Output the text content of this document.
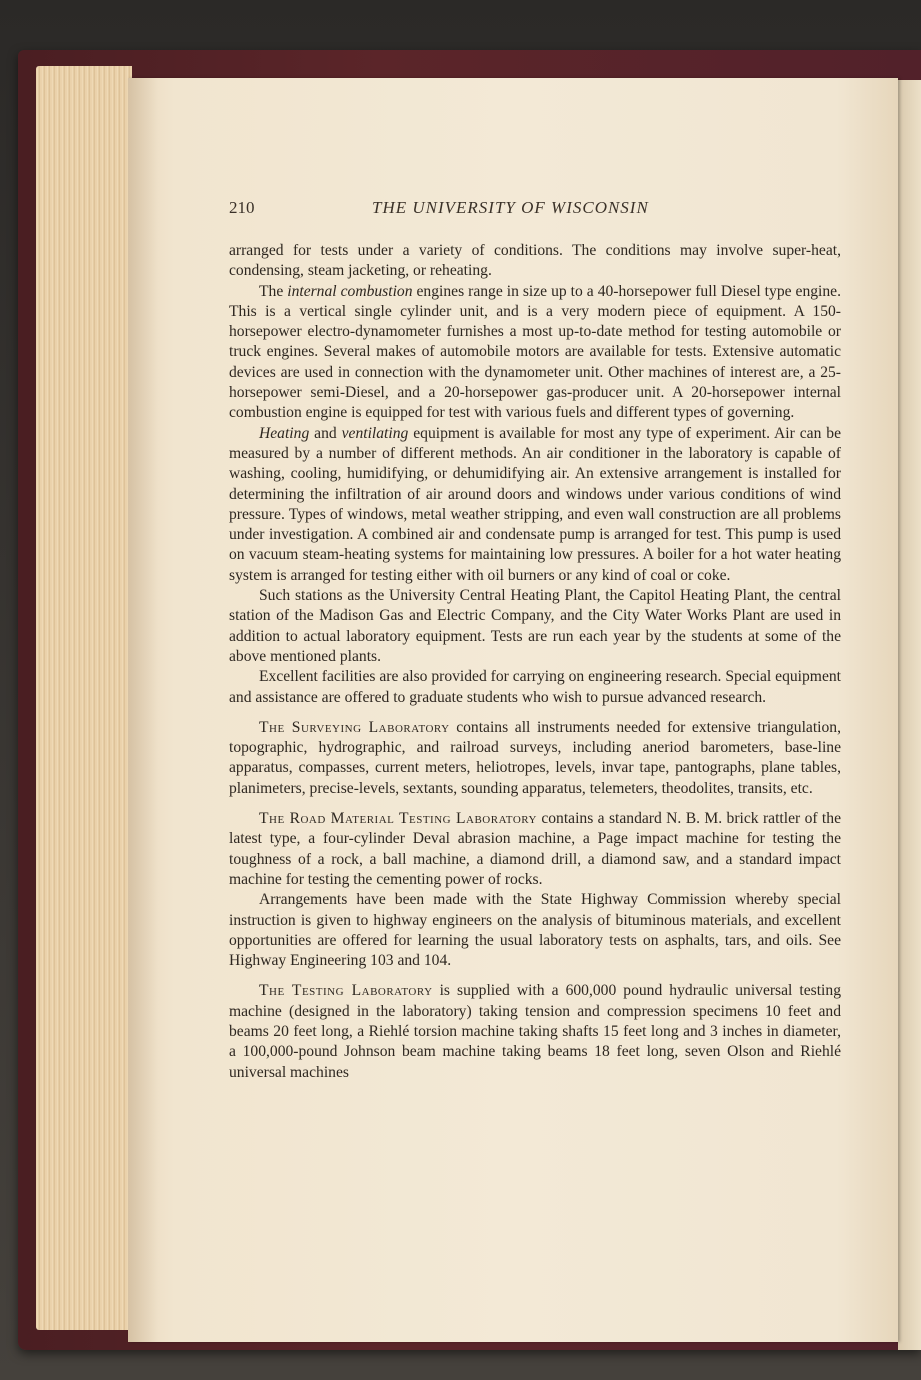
210	THE UNIVERSITY OF WISCONSIN

arranged for tests under a variety of conditions. The conditions may involve super-heat, condensing, steam jacketing, or reheating.

The internal combustion engines range in size up to a 40-horsepower full Diesel type engine. This is a vertical single cylinder unit, and is a very modern piece of equipment. A 150-horsepower electro-dynamometer furnishes a most up-to-date method for testing automobile or truck engines. Several makes of automobile motors are available for tests. Extensive automatic devices are used in connection with the dynamometer unit. Other machines of interest are, a 25-horsepower semi-Diesel, and a 20-horsepower gas-producer unit. A 20-horsepower internal combustion engine is equipped for test with various fuels and different types of governing.

Heating and ventilating equipment is available for most any type of experiment. Air can be measured by a number of different methods. An air conditioner in the laboratory is capable of washing, cooling, humidifying, or dehumidifying air. An extensive arrangement is installed for determining the infiltration of air around doors and windows under various conditions of wind pressure. Types of windows, metal weather stripping, and even wall construction are all problems under investigation. A combined air and condensate pump is arranged for test. This pump is used on vacuum steam-heating systems for maintaining low pressures. A boiler for a hot water heating system is arranged for testing either with oil burners or any kind of coal or coke.

Such stations as the University Central Heating Plant, the Capitol Heating Plant, the central station of the Madison Gas and Electric Company, and the City Water Works Plant are used in addition to actual laboratory equipment. Tests are run each year by the students at some of the above mentioned plants.

Excellent facilities are also provided for carrying on engineering research. Special equipment and assistance are offered to graduate students who wish to pursue advanced research.

The Surveying Laboratory contains all instruments needed for extensive triangulation, topographic, hydrographic, and railroad surveys, including aneriod barometers, base-line apparatus, compasses, current meters, heliotropes, levels, invar tape, pantographs, plane tables, planimeters, precise-levels, sextants, sounding apparatus, telemeters, theodolites, transits, etc.

The Road Material Testing Laboratory contains a standard N. B. M. brick rattler of the latest type, a four-cylinder Deval abrasion machine, a Page impact machine for testing the toughness of a rock, a ball machine, a diamond drill, a diamond saw, and a standard impact machine for testing the cementing power of rocks.

Arrangements have been made with the State Highway Commission whereby special instruction is given to highway engineers on the analysis of bituminous materials, and excellent opportunities are offered for learning the usual laboratory tests on asphalts, tars, and oils. See Highway Engineering 103 and 104.

The Testing Laboratory is supplied with a 600,000 pound hydraulic universal testing machine (designed in the laboratory) taking tension and compression specimens 10 feet and beams 20 feet long, a Riehlé torsion machine taking shafts 15 feet long and 3 inches in diameter, a 100,000-pound Johnson beam machine taking beams 18 feet long, seven Olson and Riehlé universal machines
